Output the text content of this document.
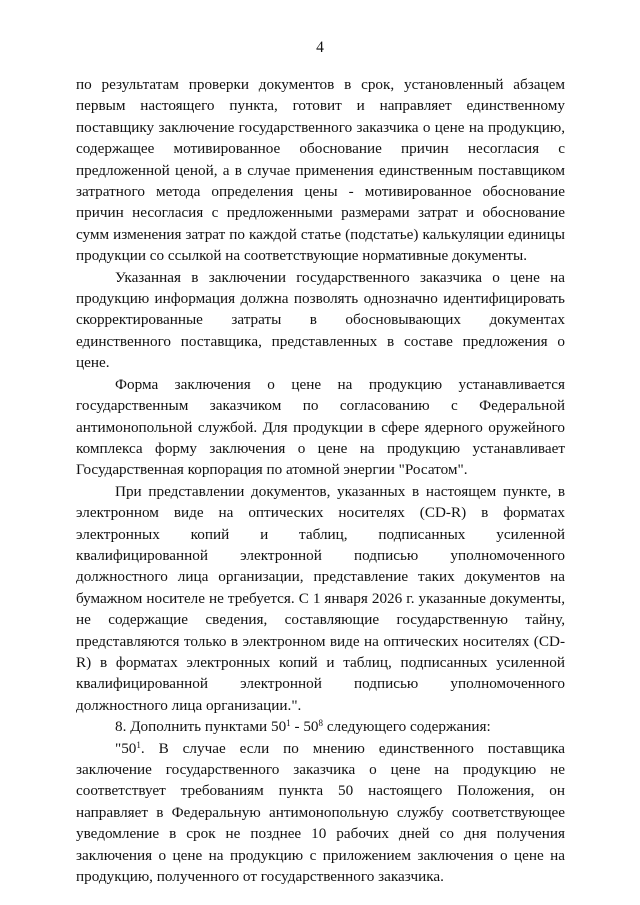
4

по результатам проверки документов в срок, установленный абзацем первым настоящего пункта, готовит и направляет единственному поставщику заключение государственного заказчика о цене на продукцию, содержащее мотивированное обоснование причин несогласия с предложенной ценой, а в случае применения единственным поставщиком затратного метода определения цены - мотивированное обоснование причин несогласия с предложенными размерами затрат и обоснование сумм изменения затрат по каждой статье (подстатье) калькуляции единицы продукции со ссылкой на соответствующие нормативные документы.

Указанная в заключении государственного заказчика о цене на продукцию информация должна позволять однозначно идентифицировать скорректированные затраты в обосновывающих документах единственного поставщика, представленных в составе предложения о цене.

Форма заключения о цене на продукцию устанавливается государственным заказчиком по согласованию с Федеральной антимонопольной службой. Для продукции в сфере ядерного оружейного комплекса форму заключения о цене на продукцию устанавливает Государственная корпорация по атомной энергии "Росатом".

При представлении документов, указанных в настоящем пункте, в электронном виде на оптических носителях (CD-R) в форматах электронных копий и таблиц, подписанных усиленной квалифицированной электронной подписью уполномоченного должностного лица организации, представление таких документов на бумажном носителе не требуется. С 1 января 2026 г. указанные документы, не содержащие сведения, составляющие государственную тайну, представляются только в электронном виде на оптических носителях (CD-R) в форматах электронных копий и таблиц, подписанных усиленной квалифицированной электронной подписью уполномоченного должностного лица организации.".

8. Дополнить пунктами $50^1 - 50^8$ следующего содержания:

"$50^1$. В случае если по мнению единственного поставщика заключение государственного заказчика о цене на продукцию не соответствует требованиям пункта 50 настоящего Положения, он направляет в Федеральную антимонопольную службу соответствующее уведомление в срок не позднее 10 рабочих дней со дня получения заключения о цене на продукцию с приложением заключения о цене на продукцию, полученного от государственного заказчика.
